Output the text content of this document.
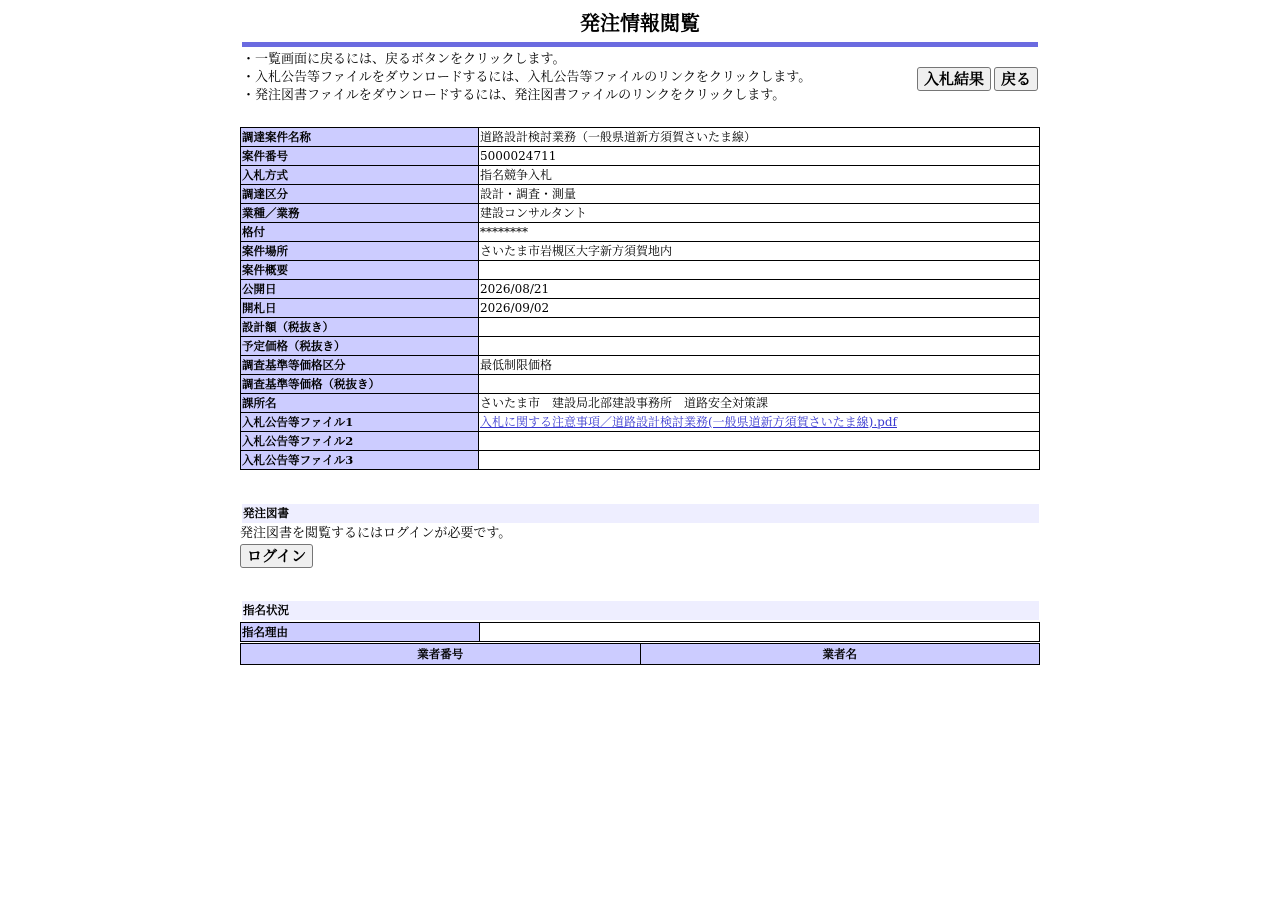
発注情報閲覧
・一覧画面に戻るには、戻るボタンをクリックします。
・入札公告等ファイルをダウンロードするには、入札公告等ファイルのリンクをクリックします。
・発注図書ファイルをダウンロードするには、発注図書ファイルのリンクをクリックします。
入札結果	戻る
調達案件名称	道路設計検討業務（一般県道新方須賀さいたま線）
案件番号	5000024711
入札方式	指名競争入札
調達区分	設計・調査・測量
業種／業務	建設コンサルタント
格付	********
案件場所	さいたま市岩槻区大字新方須賀地内
案件概要	
公開日	2026/08/21
開札日	2026/09/02
設計額（税抜き）	
予定価格（税抜き）	
調査基準等価格区分	最低制限価格
調査基準等価格（税抜き）	
課所名	さいたま市　建設局北部建設事務所　道路安全対策課
入札公告等ファイル1	入札に関する注意事項／道路設計検討業務(一般県道新方須賀さいたま線).pdf
入札公告等ファイル2	
入札公告等ファイル3	
発注図書
発注図書を閲覧するにはログインが必要です。
ログイン
指名状況
指名理由	
業者番号	業者名
